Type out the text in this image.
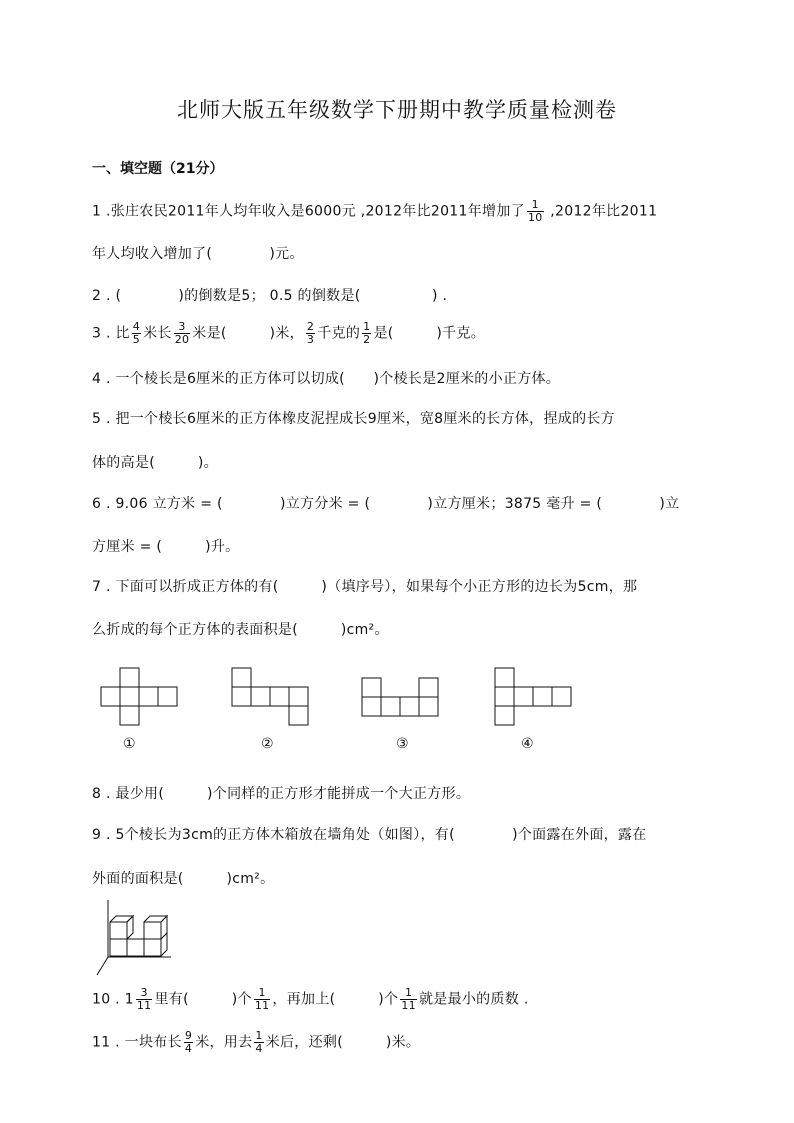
北师大版五年级数学下册期中教学质量检测卷
一、填空题（21分）
1 .张庄农民2011年人均年收入是6000元 ,2012年比2011年增加了 $\frac{1}{10} ,2012$年比2011
年人均收入增加了(　　　　)元。
2 . (　　　　)的倒数是5； 0.5 的倒数是(　　　　　) .
3 . 比 $\frac{4}{5}$ 米长 $\frac{3}{20}$ 米是(　　　)米， $\frac{2}{3}$ 千克的 $\frac{1}{2}$ 是(　　　)千克。
4 . 一个棱长是6厘米的正方体可以切成(　　)个棱长是2厘米的小正方体。
5 . 把一个棱长6厘米的正方体橡皮泥捏成长9厘米，宽8厘米的长方体，捏成的长方
体的高是(　　　)。
6 . 9.06 立方米 = (　　　　)立方分米 = (　　　　)立方厘米；3875 毫升 = (　　　　)立
方厘米 = (　　　)升。
7 . 下面可以折成正方体的有(　　　)（填序号），如果每个小正方形的边长为5cm，那
么折成的每个正方体的表面积是(　　　)cm²。
①	②	③	④
8 . 最少用(　　　)个同样的正方形才能拼成一个大正方形。
9 . 5个棱长为3cm的正方体木箱放在墙角处（如图），有(　　　　)个面露在外面，露在
外面的面积是(　　　)cm²。
10 . $1 \frac{3}{11}$ 里有(　　　)个 $\frac{1}{11}$ ，再加上(　　　)个 $\frac{1}{11}$ 就是最小的质数 .
11 . 一块布长 $\frac{9}{4}$ 米，用去 $\frac{1}{4}$ 米后，还剩(　　　)米。
